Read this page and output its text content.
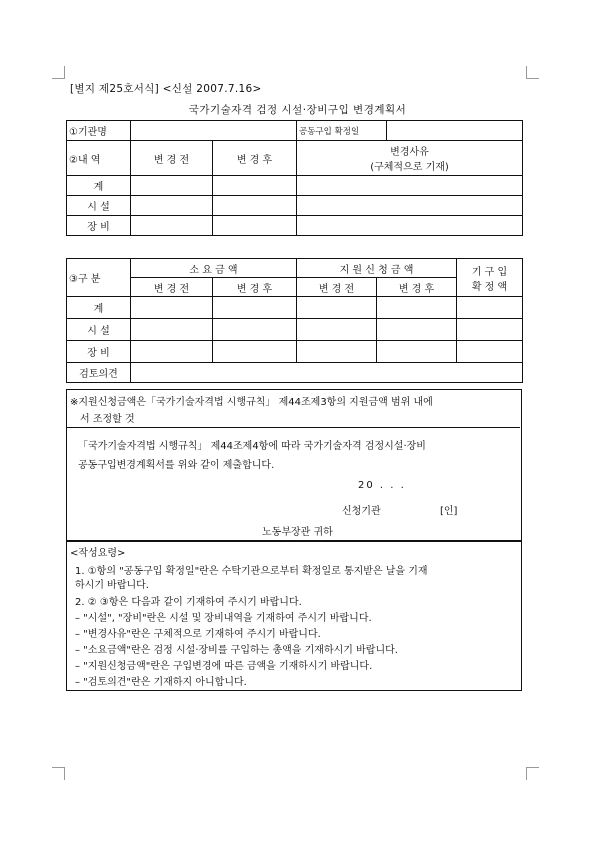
[별지 제25호서식] <신설 2007.7.16>
국가기술자격 검정 시설·장비구입 변경계획서
①기관명			공동구입 확정일	
②내 역	변 경 전	변 경 후	변경사유
(구체적으로 기재)	

계				
시 설				
장 비				
③구 분	소 요 금 액		지 원 신 청 금 액		기 구 입
확 정 액

	변 경 전	변 경 후	변 경 전	변 경 후	
계					
시 설					
장 비					
검토의견					
※지원신청금액은「국가기술자격법 시행규칙」 제44조제3항의 지원금액 범위 내에
서 조정할 것
「국가기술자격법 시행규칙」 제44조제4항에 따라 국가기술자격 검정시설·장비
공동구입변경계획서를 위와 같이 제출합니다.
20 . . .
신청기관	[인]
노동부장관 귀하
<작성요령>
1. ①항의 "공동구입 확정일"란은 수탁기관으로부터 확정일로 통지받은 날을 기재
하시기 바랍니다.
2. ② ③항은 다음과 같이 기재하여 주시기 바랍니다.
– "시설", "장비"란은 시설 및 장비내역을 기재하여 주시기 바랍니다.
– "변경사유"란은 구체적으로 기재하여 주시기 바랍니다.
– "소요금액"란은 검정 시설·장비를 구입하는 총액을 기재하시기 바랍니다.
– "지원신청금액"란은 구입변경에 따른 금액을 기재하시기 바랍니다.
– "검토의견"란은 기재하지 아니합니다.
